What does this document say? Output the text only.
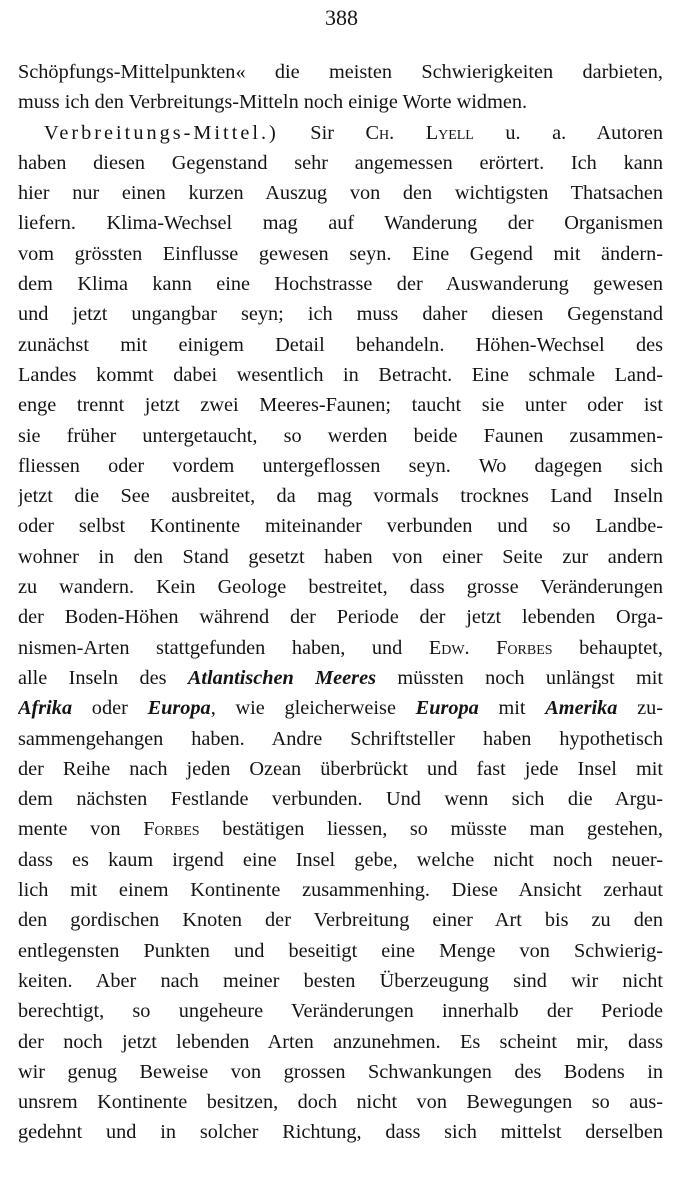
388
Schöpfungs-Mittelpunkten« die meisten Schwierigkeiten darbieten,
muss ich den Verbreitungs-Mitteln noch einige Worte widmen.
Verbreitungs-Mittel.) Sir Ch. Lyell u. a. Autoren
haben diesen Gegenstand sehr angemessen erörtert. Ich kann
hier nur einen kurzen Auszug von den wichtigsten Thatsachen
liefern. Klima-Wechsel mag auf Wanderung der Organismen
vom grössten Einflusse gewesen seyn. Eine Gegend mit ändern-
dem Klima kann eine Hochstrasse der Auswanderung gewesen
und jetzt ungangbar seyn; ich muss daher diesen Gegenstand
zunächst mit einigem Detail behandeln. Höhen-Wechsel des
Landes kommt dabei wesentlich in Betracht. Eine schmale Land-
enge trennt jetzt zwei Meeres-Faunen; taucht sie unter oder ist
sie früher untergetaucht, so werden beide Faunen zusammen-
fliessen oder vordem untergeflossen seyn. Wo dagegen sich
jetzt die See ausbreitet, da mag vormals trocknes Land Inseln
oder selbst Kontinente miteinander verbunden und so Landbe-
wohner in den Stand gesetzt haben von einer Seite zur andern
zu wandern. Kein Geologe bestreitet, dass grosse Veränderungen
der Boden-Höhen während der Periode der jetzt lebenden Orga-
nismen-Arten stattgefunden haben, und Edw. Forbes behauptet,
alle Inseln des Atlantischen Meeres müssten noch unlängst mit
Afrika oder Europa, wie gleicherweise Europa mit Amerika zu-
sammengehangen haben. Andre Schriftsteller haben hypothetisch
der Reihe nach jeden Ozean überbrückt und fast jede Insel mit
dem nächsten Festlande verbunden. Und wenn sich die Argu-
mente von Forbes bestätigen liessen, so müsste man gestehen,
dass es kaum irgend eine Insel gebe, welche nicht noch neuer-
lich mit einem Kontinente zusammenhing. Diese Ansicht zerhaut
den gordischen Knoten der Verbreitung einer Art bis zu den
entlegensten Punkten und beseitigt eine Menge von Schwierig-
keiten. Aber nach meiner besten Überzeugung sind wir nicht
berechtigt, so ungeheure Veränderungen innerhalb der Periode
der noch jetzt lebenden Arten anzunehmen. Es scheint mir, dass
wir genug Beweise von grossen Schwankungen des Bodens in
unsrem Kontinente besitzen, doch nicht von Bewegungen so aus-
gedehnt und in solcher Richtung, dass sich mittelst derselben
